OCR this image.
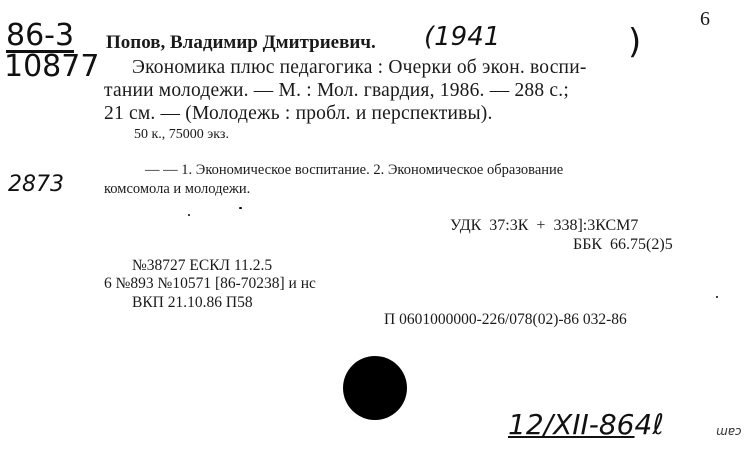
6
86-3
10877
Попов, Владимир Дмитриевич. (1941	)
Экономика плюс педагогика : Очерки об экон. воспи-
тании молодежи. — М. : Мол. гвардия, 1986. — 288 с.;
21 см. — (Молодежь : пробл. и перспективы).
50 к., 75000 экз.
2873
— — 1. Экономическое воспитание. 2. Экономическое образование
комсомола и молодежи.
УДК 37:3К + 338]:3КСМ7
ББК 66.75(2)5
№38727 ЕСКЛ 11.2.5
6 №893 №10571 [86-70238] и нс
ВКП 21.10.86 П58
П 0601000000-226/078(02)-86 032-86
12/XII-864ℓ	ɯɐɔ
